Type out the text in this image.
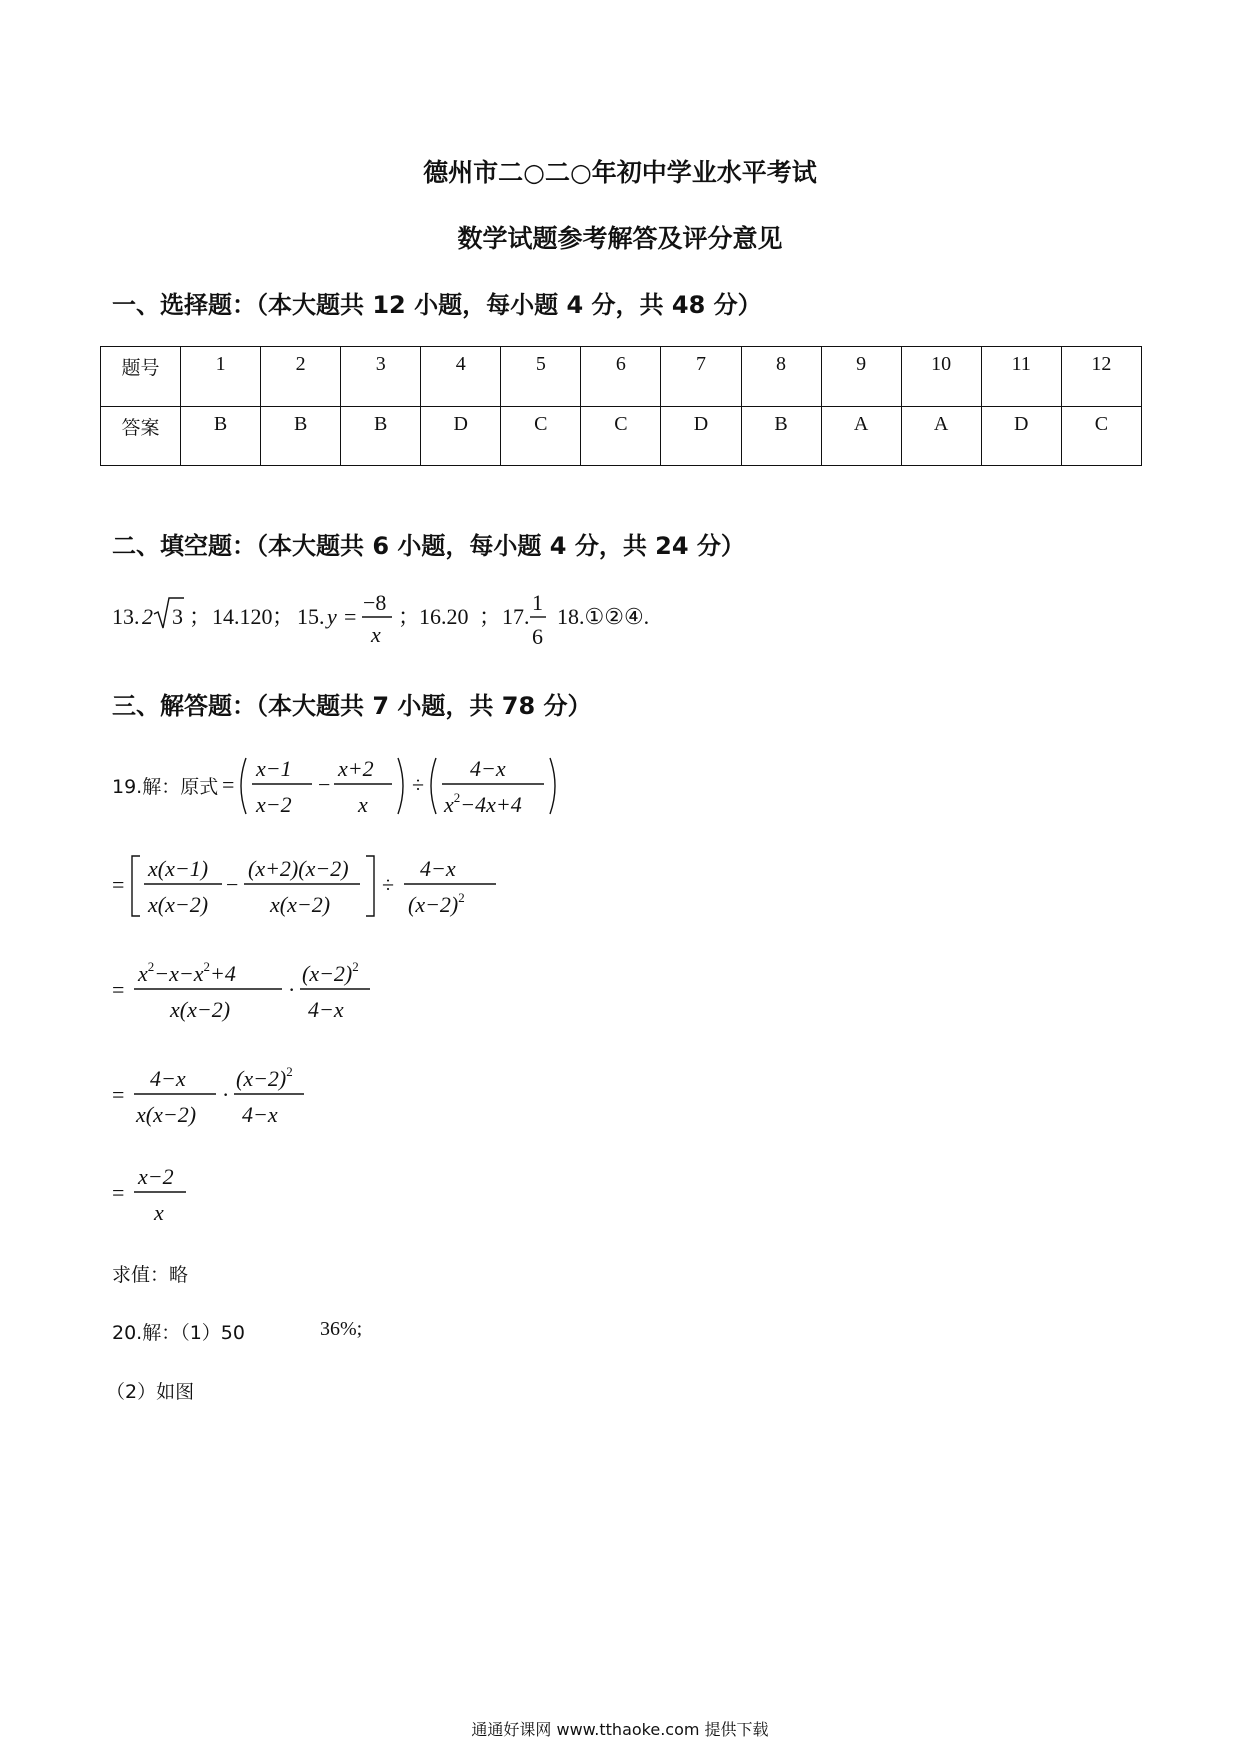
德州市二○二○年初中学业水平考试
数学试题参考解答及评分意见
一、选择题：（本大题共 12 小题，每小题 4 分，共 48 分）
题号	1	2	3	4	5	6	7	8	9	10	11	12
答案	B	B	B	D	C	C	D	B	A	A	D	C
二、填空题：（本大题共 6 小题，每小题 4 分，共 24 分）
13. 2 3 ； 14.120 ； 15. y =
−8
x
；
16.20 ； 17.
1
6
18.①②④.
三、解答题：（本大题共 7 小题，共 78 分）
19.解：原式 =
x−1
x−2
−
x+2
x
÷
4−x
$x^2-4x+4$
=
x(x−1)
x(x−2)
−
(x+2)(x−2)
x(x−2)
÷
4−x
$(x-2)^2$
=
$x^2-x-x^2+4$
x(x−2)
·
$(x-2)^2$
4−x
=
4−x
x(x−2)
·
$(x-2)^2$
4−x
=
x−2
x
求值：略
20.解：（1）50	36%;
（2）如图
通通好课网 www.tthaoke.com 提供下载
